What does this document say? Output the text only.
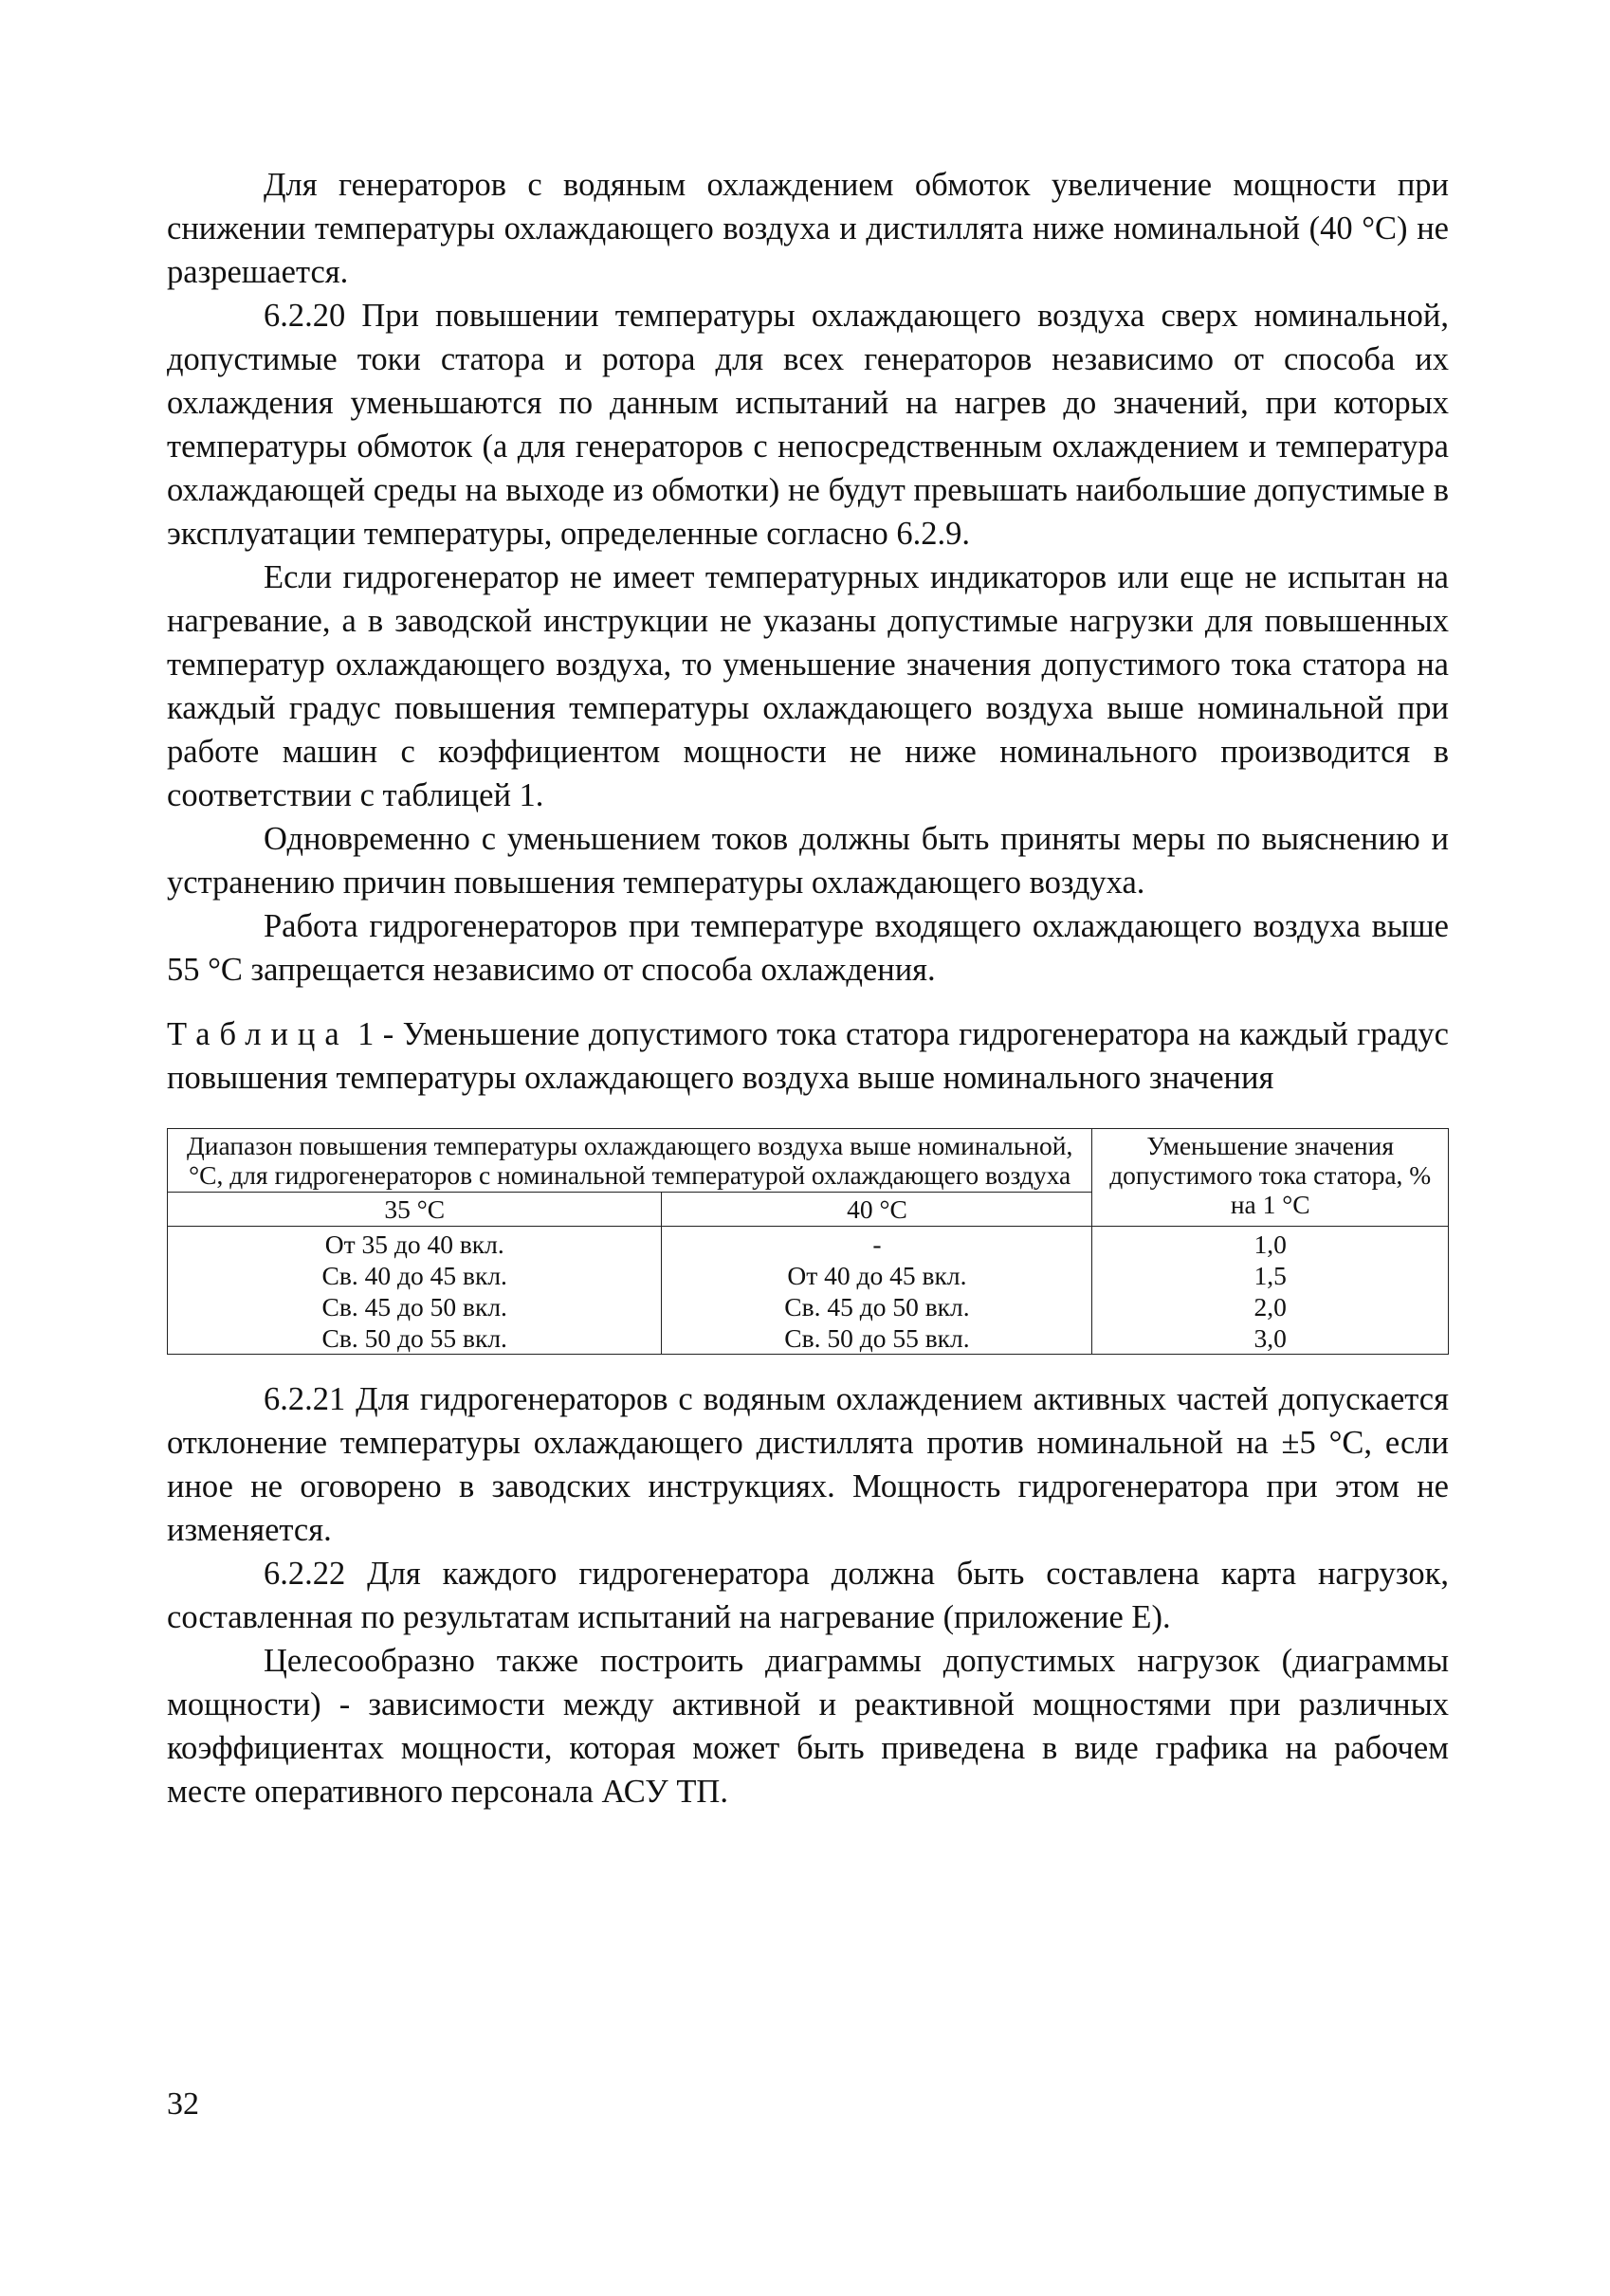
Для генераторов с водяным охлаждением обмоток увеличение мощности при снижении температуры охлаждающего воздуха и дистиллята ниже номинальной (40 °С) не разрешается.

6.2.20 При повышении температуры охлаждающего воздуха сверх номинальной, допустимые токи статора и ротора для всех генераторов независимо от способа их охлаждения уменьшаются по данным испытаний на нагрев до значений, при которых температуры обмоток (а для генераторов с непосредственным охлаждением и температура охлаждающей среды на выходе из обмотки) не будут превышать наибольшие допустимые в эксплуатации температуры, определенные согласно 6.2.9.

Если гидрогенератор не имеет температурных индикаторов или еще не испытан на нагревание, а в заводской инструкции не указаны допустимые нагрузки для повышенных температур охлаждающего воздуха, то уменьшение значения допустимого тока статора на каждый градус повышения температуры охлаждающего воздуха выше номинальной при работе машин с коэффициентом мощности не ниже номинального производится в соответствии с таблицей 1.

Одновременно с уменьшением токов должны быть приняты меры по выяснению и устранению причин повышения температуры охлаждающего воздуха.

Работа гидрогенераторов при температуре входящего охлаждающего воздуха выше 55 °С запрещается независимо от способа охлаждения.

Таблица 1 - Уменьшение допустимого тока статора гидрогенератора на каждый градус повышения температуры охлаждающего воздуха выше номинального значения

Диапазон повышения температуры охлаждающего воздуха выше номинальной, °С, для гидрогенераторов с номинальной температурой охлаждающего воздуха		Уменьшение значения допустимого тока статора, % на 1 °С
35 °С	40 °С	
От 35 до 40 вкл.	-	1,0
Св. 40 до 45 вкл.	От 40 до 45 вкл.	1,5
Св. 45 до 50 вкл.	Св. 45 до 50 вкл.	2,0
Св. 50 до 55 вкл.	Св. 50 до 55 вкл.	3,0

6.2.21 Для гидрогенераторов с водяным охлаждением активных частей допускается отклонение температуры охлаждающего дистиллята против номинальной на ±5 °С, если иное не оговорено в заводских инструкциях. Мощность гидрогенератора при этом не изменяется.

6.2.22 Для каждого гидрогенератора должна быть составлена карта нагрузок, составленная по результатам испытаний на нагревание (приложение Е).

Целесообразно также построить диаграммы допустимых нагрузок (диаграммы мощности) - зависимости между активной и реактивной мощностями при различных коэффициентах мощности, которая может быть приведена в виде графика на рабочем месте оперативного персонала АСУ ТП.

32
